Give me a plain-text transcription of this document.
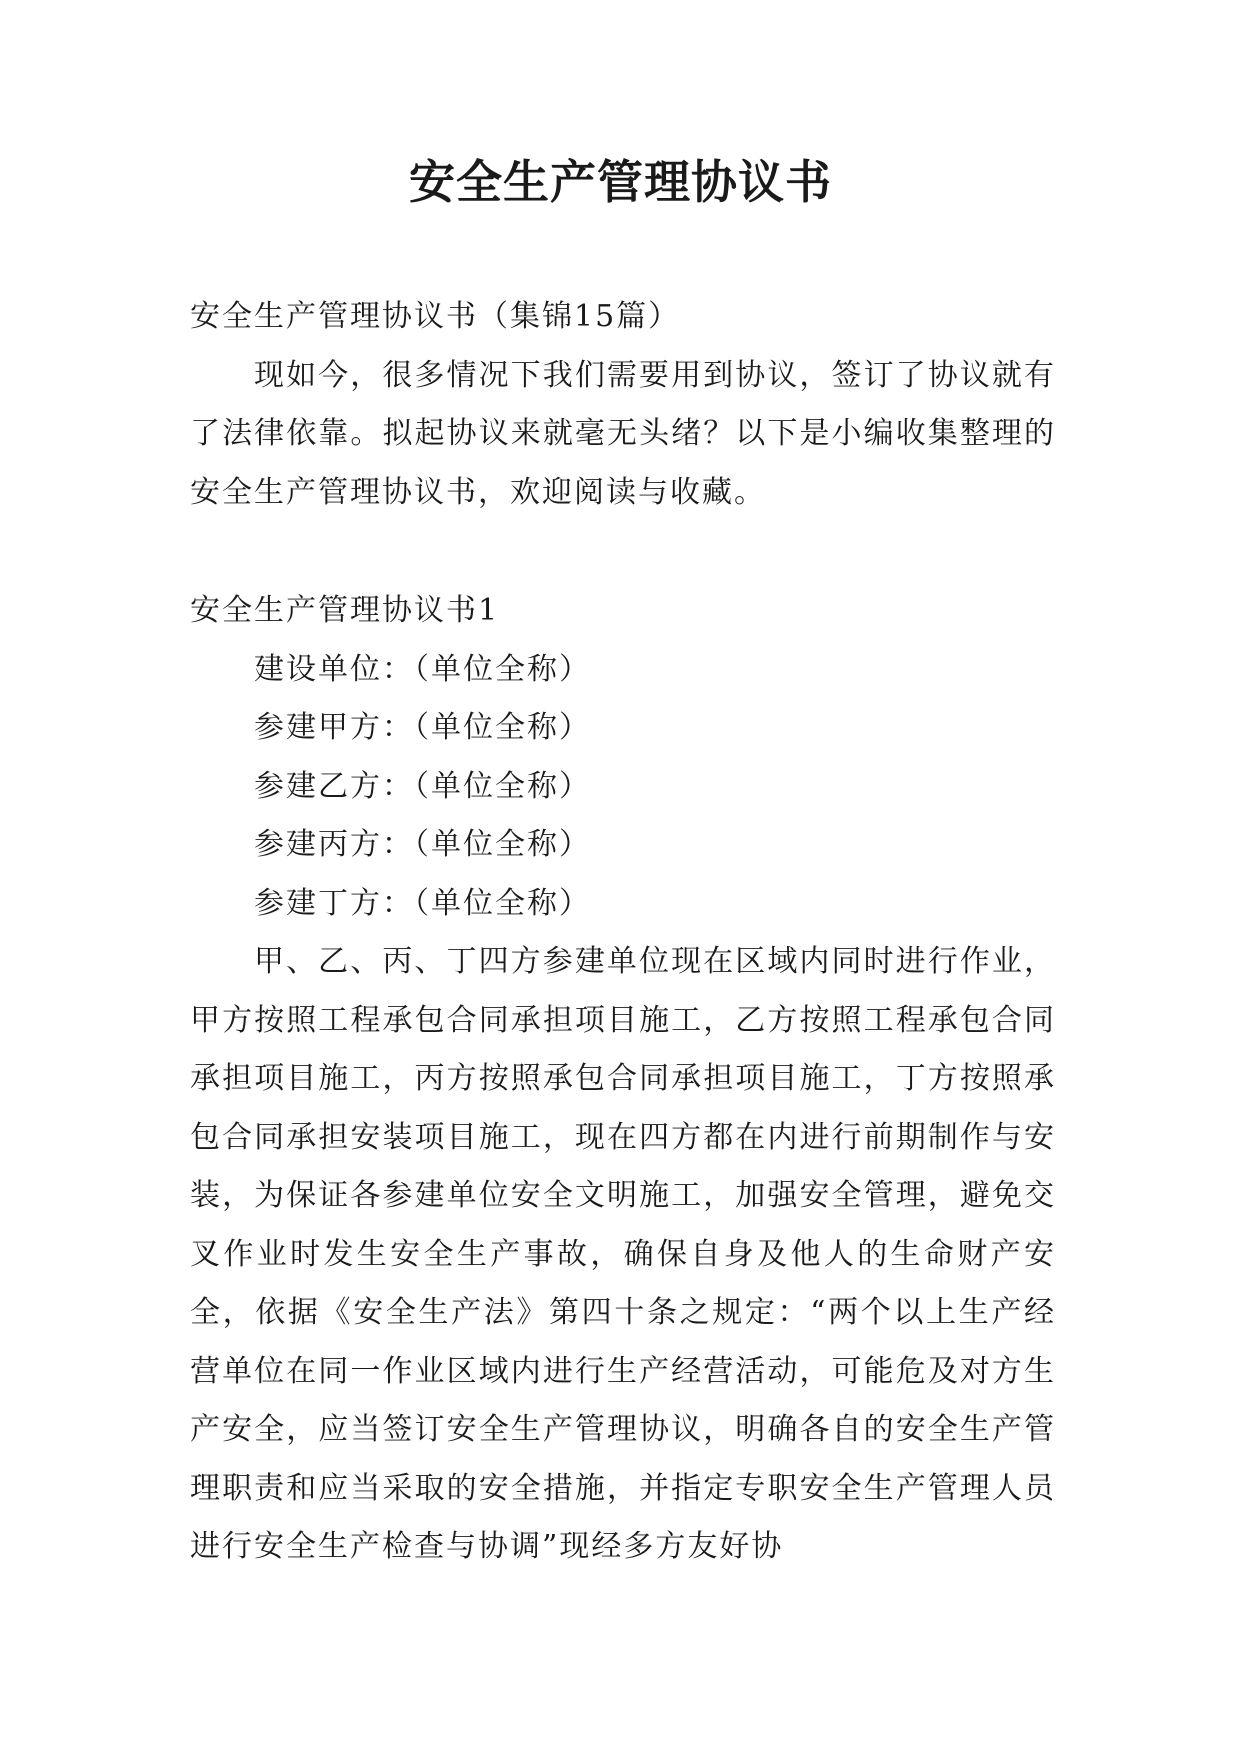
安全生产管理协议书

安全生产管理协议书（集锦15篇）

现如今，很多情况下我们需要用到协议，签订了协议就有了法律依靠。拟起协议来就毫无头绪？以下是小编收集整理的安全生产管理协议书，欢迎阅读与收藏。

安全生产管理协议书1

建设单位：（单位全称）

参建甲方：（单位全称）

参建乙方：（单位全称）

参建丙方：（单位全称）

参建丁方：（单位全称）

甲、乙、丙、丁四方参建单位现在区域内同时进行作业，甲方按照工程承包合同承担项目施工，乙方按照工程承包合同承担项目施工，丙方按照承包合同承担项目施工，丁方按照承包合同承担安装项目施工，现在四方都在内进行前期制作与安装，为保证各参建单位安全文明施工，加强安全管理，避免交叉作业时发生安全生产事故，确保自身及他人的生命财产安全，依据《安全生产法》第四十条之规定：“两个以上生产经营单位在同一作业区域内进行生产经营活动，可能危及对方生产安全，应当签订安全生产管理协议，明确各自的安全生产管理职责和应当采取的安全措施，并指定专职安全生产管理人员进行安全生产检查与协调”现经多方友好协
